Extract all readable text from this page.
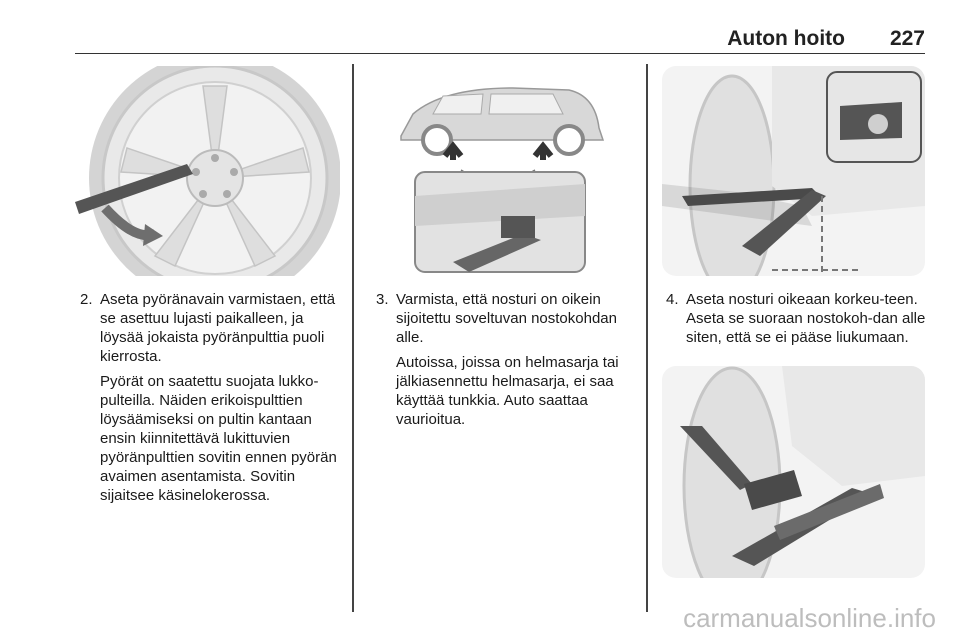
Auton hoito 227
2. Aseta pyöränavain varmistaen, että se asettuu lujasti paikalleen, ja löysää jokaista pyöränpulttia puoli kierrosta.

Pyörät on saatettu suojata lukko-pulteilla. Näiden erikoispulttien löysäämiseksi on pultin kantaan ensin kiinnitettävä lukittuvien pyöränpulttien sovitin ennen pyörän avaimen asentamista. Sovitin sijaitsee käsinelokerossa.

3. Varmista, että nosturi on oikein sijoitettu soveltuvan nostokohdan alle.

Autoissa, joissa on helmasarja tai jälkiasennettu helmasarja, ei saa käyttää tunkkia. Auto saattaa vaurioitua.

4. Aseta nosturi oikeaan korkeu-teen. Aseta se suoraan nostokoh-dan alle siten, että se ei pääse liukumaan.

carmanualsonline.info
